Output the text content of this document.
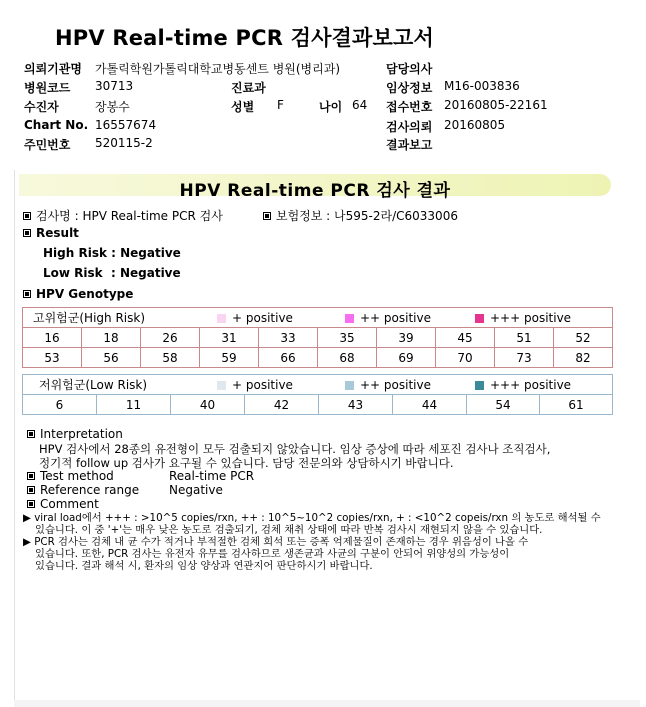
HPV Real-time PCR 검사결과보고서
의뢰기관명 가톨릭학원가톨릭대학교병동센트 병원(병리과)
병원코드 30713
수진자	장봉수
Chart No. 16557674
주민번호 520115-2
진료과
성별 F	나이 64
담당의사
임상정보 M16-003836
접수번호 20160805-22161
검사의뢰 20160805
결과보고
HPV Real-time PCR 검사 결과
검사명 : HPV Real-time PCR 검사	보험정보 : 나595-2라/C6033006
Result
High Risk : Negative
Low Risk  : Negative
HPV Genotype
고위험군(High Risk) + positive ++ positive +++ positive									

16	18	26	31	33	35	39	45	51	52
53	56	58	59	66	68	69	70	73	82
저위험군(Low Risk)	+ positive	++ positive	+++ positive

6	11	40	42	43	44	54	61
Interpretation
HPV 검사에서 28종의 유전형이 모두 검출되지 않았습니다. 임상 증상에 따라 세포진 검사나 조직검사,
정기적 follow up 검사가 요구될 수 있습니다. 담당 전문의와 상담하시기 바랍니다.
Test method	Real-time PCR
Reference range Negative
Comment
▶ viral load에서 +++ : >10^5 copies/rxn, ++ : 10^5~10^2 copies/rxn, + : <10^2 copeis/rxn 의 농도로 해석될 수
있습니다. 이 중 '+'는 매우 낮은 농도로 검출되기, 검체 채취 상태에 따라 반복 검사시 재현되지 않을 수 있습니다.
▶ PCR 검사는 검체 내 균 수가 적거나 부적절한 검체 희석 또는 증폭 억제물질이 존재하는 경우 위음성이 나올 수
있습니다. 또한, PCR 검사는 유전자 유무를 검사하므로 생존균과 사균의 구분이 안되어 위양성의 가능성이
있습니다. 결과 해석 시, 환자의 임상 양상과 연관지어 판단하시기 바랍니다.
